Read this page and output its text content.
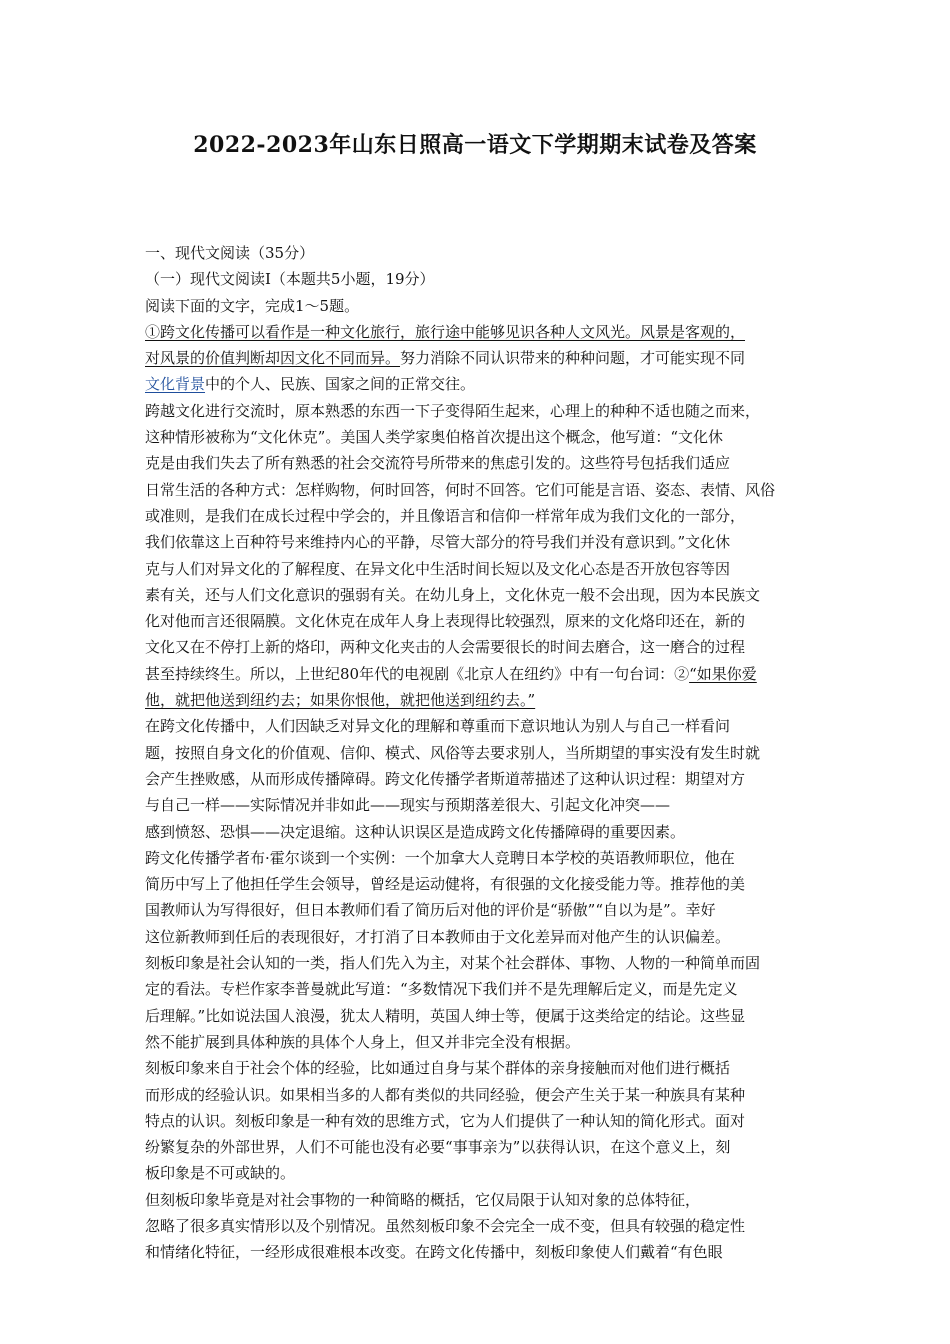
2022-2023年山东日照高一语文下学期期末试卷及答案
一、现代文阅读（35分）
（一）现代文阅读Ⅰ（本题共5小题，19分）
阅读下面的文字，完成1～5题。
①跨文化传播可以看作是一种文化旅行，旅行途中能够见识各种人文风光。风景是客观的，
对风景的价值判断却因文化不同而异。努力消除不同认识带来的种种问题，才可能实现不同
文化背景中的个人、民族、国家之间的正常交往。
跨越文化进行交流时，原本熟悉的东西一下子变得陌生起来，心理上的种种不适也随之而来，
这种情形被称为“文化休克”。美国人类学家奥伯格首次提出这个概念，他写道：“文化休
克是由我们失去了所有熟悉的社会交流符号所带来的焦虑引发的。这些符号包括我们适应
日常生活的各种方式：怎样购物，何时回答，何时不回答。它们可能是言语、姿态、表情、风俗
或准则，是我们在成长过程中学会的，并且像语言和信仰一样常年成为我们文化的一部分，
我们依靠这上百种符号来维持内心的平静，尽管大部分的符号我们并没有意识到。”文化休
克与人们对异文化的了解程度、在异文化中生活时间长短以及文化心态是否开放包容等因
素有关，还与人们文化意识的强弱有关。在幼儿身上，文化休克一般不会出现，因为本民族文
化对他而言还很隔膜。文化休克在成年人身上表现得比较强烈，原来的文化烙印还在，新的
文化又在不停打上新的烙印，两种文化夹击的人会需要很长的时间去磨合，这一磨合的过程
甚至持续终生。所以，上世纪80年代的电视剧《北京人在纽约》中有一句台词：②“如果你爱
他，就把他送到纽约去；如果你恨他，就把他送到纽约去。”
在跨文化传播中，人们因缺乏对异文化的理解和尊重而下意识地认为别人与自己一样看问
题，按照自身文化的价值观、信仰、模式、风俗等去要求别人，当所期望的事实没有发生时就
会产生挫败感，从而形成传播障碍。跨文化传播学者斯道蒂描述了这种认识过程：期望对方
与自己一样——实际情况并非如此——现实与预期落差很大、引起文化冲突——
感到愤怒、恐惧——决定退缩。这种认识误区是造成跨文化传播障碍的重要因素。
跨文化传播学者布·霍尔谈到一个实例：一个加拿大人竞聘日本学校的英语教师职位，他在
简历中写上了他担任学生会领导，曾经是运动健将，有很强的文化接受能力等。推荐他的美
国教师认为写得很好，但日本教师们看了简历后对他的评价是“骄傲”“自以为是”。幸好
这位新教师到任后的表现很好，才打消了日本教师由于文化差异而对他产生的认识偏差。
刻板印象是社会认知的一类，指人们先入为主，对某个社会群体、事物、人物的一种简单而固
定的看法。专栏作家李普曼就此写道：“多数情况下我们并不是先理解后定义，而是先定义
后理解。”比如说法国人浪漫，犹太人精明，英国人绅士等，便属于这类给定的结论。这些显
然不能扩展到具体种族的具体个人身上，但又并非完全没有根据。
刻板印象来自于社会个体的经验，比如通过自身与某个群体的亲身接触而对他们进行概括
而形成的经验认识。如果相当多的人都有类似的共同经验，便会产生关于某一种族具有某种
特点的认识。刻板印象是一种有效的思维方式，它为人们提供了一种认知的简化形式。面对
纷繁复杂的外部世界，人们不可能也没有必要“事事亲为”以获得认识，在这个意义上，刻
板印象是不可或缺的。
但刻板印象毕竟是对社会事物的一种简略的概括，它仅局限于认知对象的总体特征，
忽略了很多真实情形以及个别情况。虽然刻板印象不会完全一成不变，但具有较强的稳定性
和情绪化特征，一经形成很难根本改变。在跨文化传播中，刻板印象使人们戴着“有色眼
